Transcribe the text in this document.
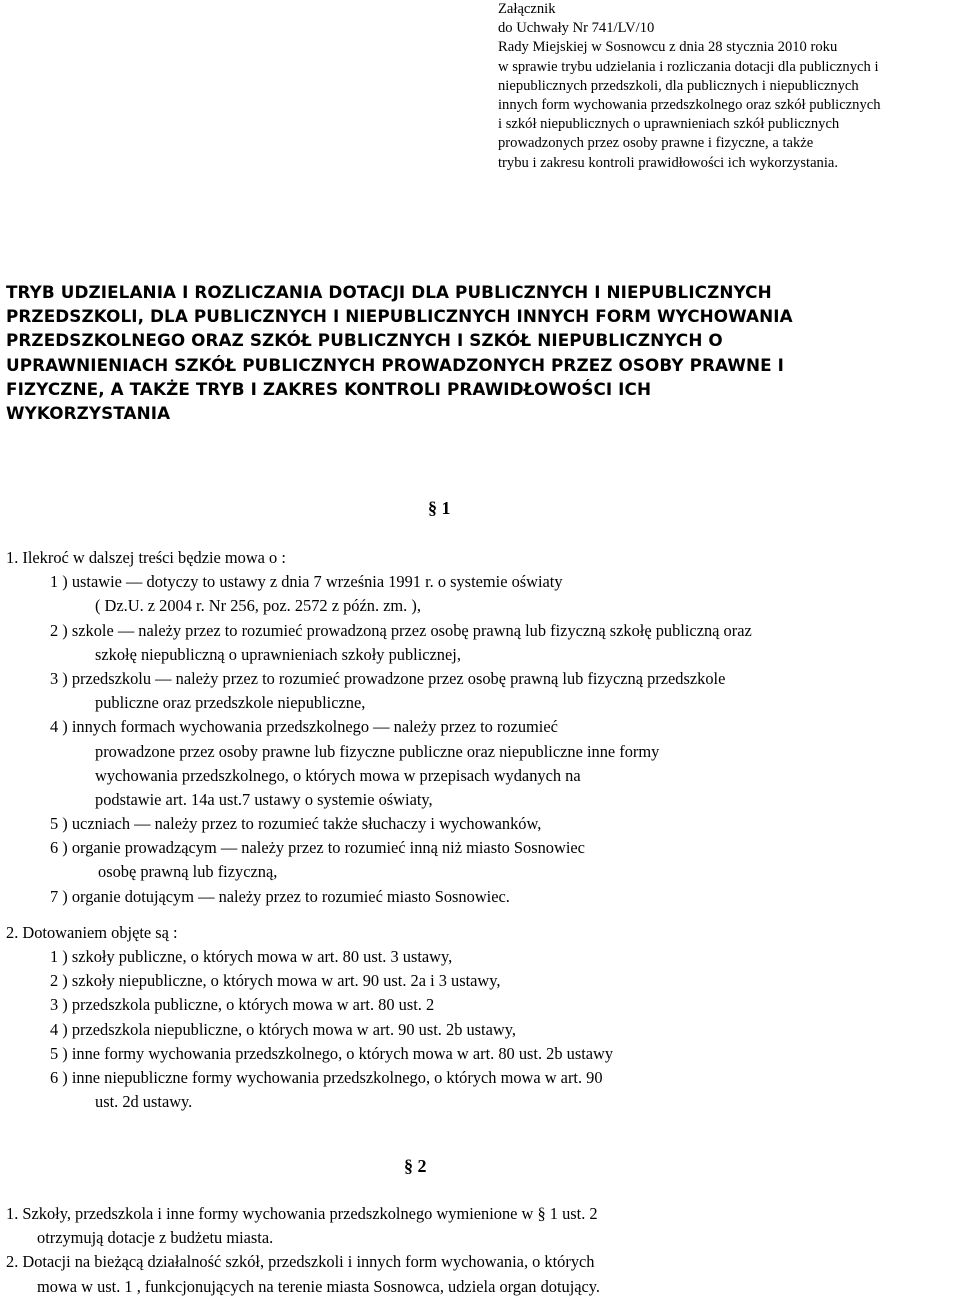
Załącznik
do Uchwały Nr 741/LV/10
Rady Miejskiej w Sosnowcu z dnia 28 stycznia 2010 roku
w sprawie trybu udzielania i rozliczania dotacji dla publicznych i
niepublicznych przedszkoli, dla publicznych i niepublicznych
innych form wychowania przedszkolnego oraz szkół publicznych
i szkół niepublicznych o uprawnieniach szkół publicznych
prowadzonych przez osoby prawne i fizyczne, a także
trybu i zakresu kontroli prawidłowości ich wykorzystania.
TRYB UDZIELANIA I ROZLICZANIA DOTACJI DLA PUBLICZNYCH I NIEPUBLICZNYCH
PRZEDSZKOLI, DLA PUBLICZNYCH I NIEPUBLICZNYCH INNYCH FORM WYCHOWANIA
PRZEDSZKOLNEGO ORAZ SZKÓŁ PUBLICZNYCH I SZKÓŁ NIEPUBLICZNYCH O
UPRAWNIENIACH SZKÓŁ PUBLICZNYCH PROWADZONYCH PRZEZ OSOBY PRAWNE I
FIZYCZNE, A TAKŻE TRYB I ZAKRES KONTROLI PRAWIDŁOWOŚCI ICH
WYKORZYSTANIA
§ 1
1. Ilekroć w dalszej treści będzie mowa o :
1 ) ustawie — dotyczy to ustawy z dnia 7 września 1991 r. o systemie oświaty
( Dz.U. z 2004 r. Nr 256, poz. 2572 z późn. zm. ),
2 ) szkole — należy przez to rozumieć prowadzoną przez osobę prawną lub fizyczną szkołę publiczną oraz
szkołę niepubliczną o uprawnieniach szkoły publicznej,
3 ) przedszkolu — należy przez to rozumieć prowadzone przez osobę prawną lub fizyczną przedszkole
publiczne oraz przedszkole niepubliczne,
4 ) innych formach wychowania przedszkolnego — należy przez to rozumieć
prowadzone przez osoby prawne lub fizyczne publiczne oraz niepubliczne inne formy
wychowania przedszkolnego, o których mowa w przepisach wydanych na
podstawie art. 14a ust.7 ustawy o systemie oświaty,
5 ) uczniach — należy przez to rozumieć także słuchaczy i wychowanków,
6 ) organie prowadzącym — należy przez to rozumieć inną niż miasto Sosnowiec
osobę prawną lub fizyczną,
7 ) organie dotującym — należy przez to rozumieć miasto Sosnowiec.
2. Dotowaniem objęte są :
1 ) szkoły publiczne, o których mowa w art. 80 ust. 3 ustawy,
2 ) szkoły niepubliczne, o których mowa w art. 90 ust. 2a i 3 ustawy,
3 ) przedszkola publiczne, o których mowa w art. 80 ust. 2
4 ) przedszkola niepubliczne, o których mowa w art. 90 ust. 2b ustawy,
5 ) inne formy wychowania przedszkolnego, o których mowa w art. 80 ust. 2b ustawy
6 ) inne niepubliczne formy wychowania przedszkolnego, o których mowa w art. 90
ust. 2d ustawy.
§ 2
1. Szkoły, przedszkola i inne formy wychowania przedszkolnego wymienione w § 1 ust. 2
otrzymują dotacje z budżetu miasta.
2. Dotacji na bieżącą działalność szkół, przedszkoli i innych form wychowania, o których
mowa w ust. 1 , funkcjonujących na terenie miasta Sosnowca, udziela organ dotujący.
